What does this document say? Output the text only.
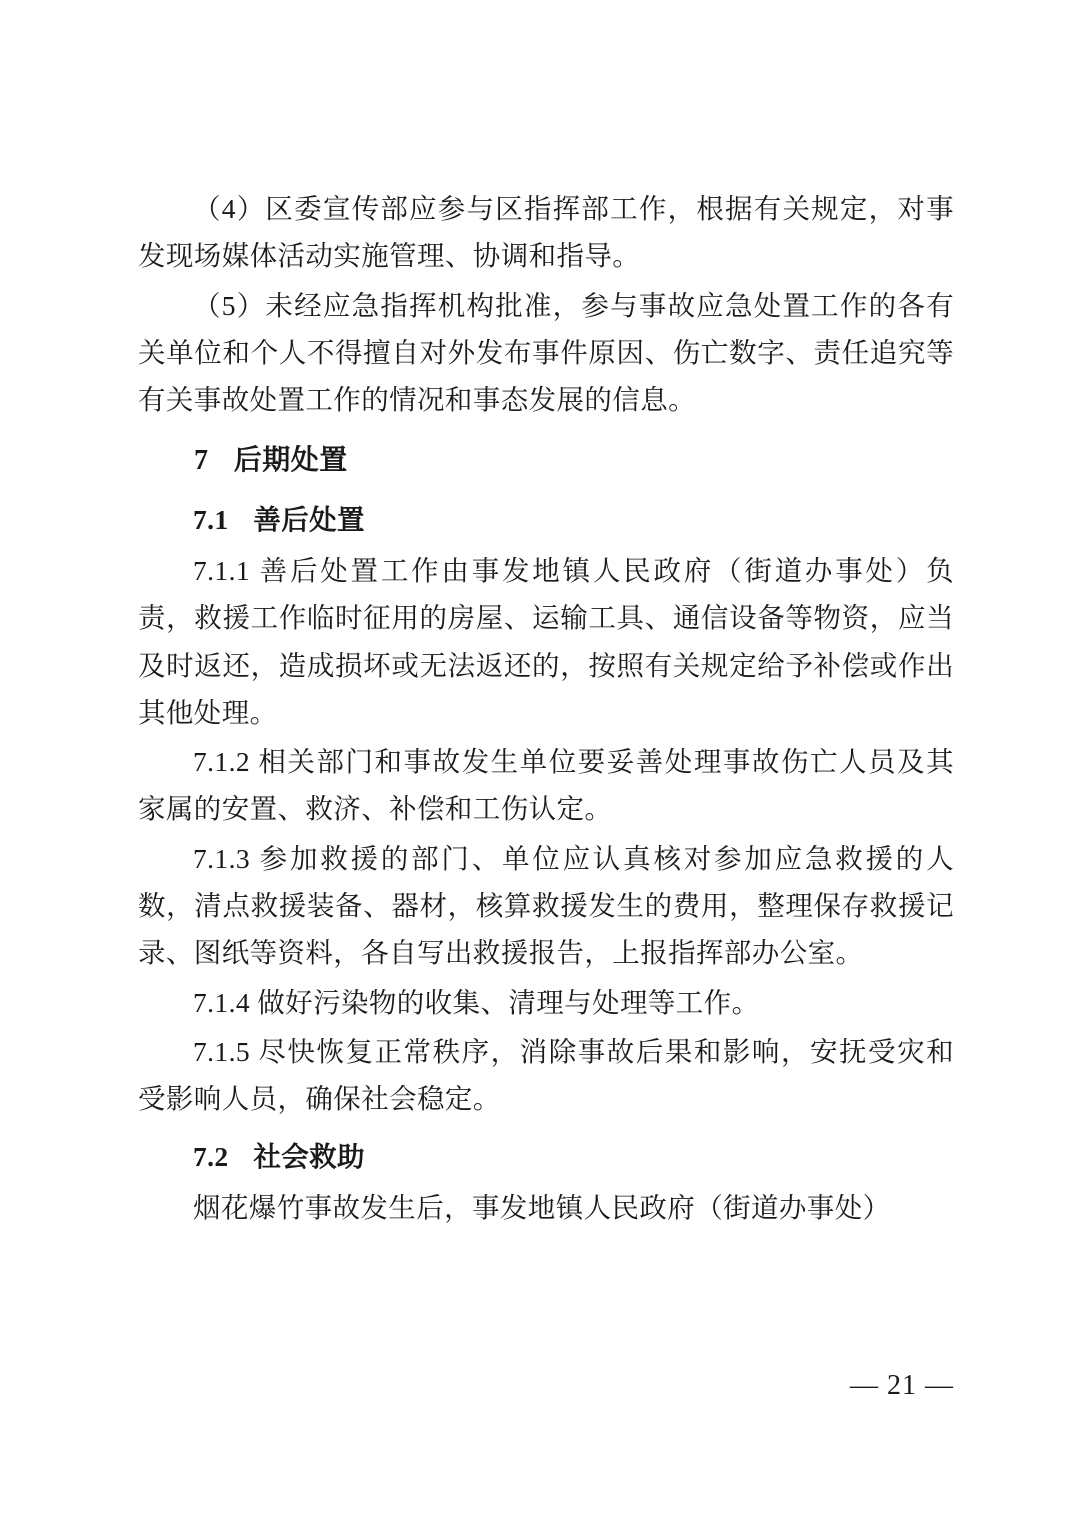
（4）区委宣传部应参与区指挥部工作，根据有关规定，对事发现场媒体活动实施管理、协调和指导。

（5）未经应急指挥机构批准，参与事故应急处置工作的各有关单位和个人不得擅自对外发布事件原因、伤亡数字、责任追究等有关事故处置工作的情况和事态发展的信息。

7 后期处置
7.1 善后处置

7.1.1 善后处置工作由事发地镇人民政府（街道办事处）负责，救援工作临时征用的房屋、运输工具、通信设备等物资，应当及时返还，造成损坏或无法返还的，按照有关规定给予补偿或作出其他处理。

7.1.2 相关部门和事故发生单位要妥善处理事故伤亡人员及其家属的安置、救济、补偿和工伤认定。

7.1.3 参加救援的部门、单位应认真核对参加应急救援的人数，清点救援装备、器材，核算救援发生的费用，整理保存救援记录、图纸等资料，各自写出救援报告，上报指挥部办公室。

7.1.4 做好污染物的收集、清理与处理等工作。

7.1.5 尽快恢复正常秩序，消除事故后果和影响，安抚受灾和受影响人员，确保社会稳定。

7.2 社会救助

烟花爆竹事故发生后，事发地镇人民政府（街道办事处）

— 21 —
